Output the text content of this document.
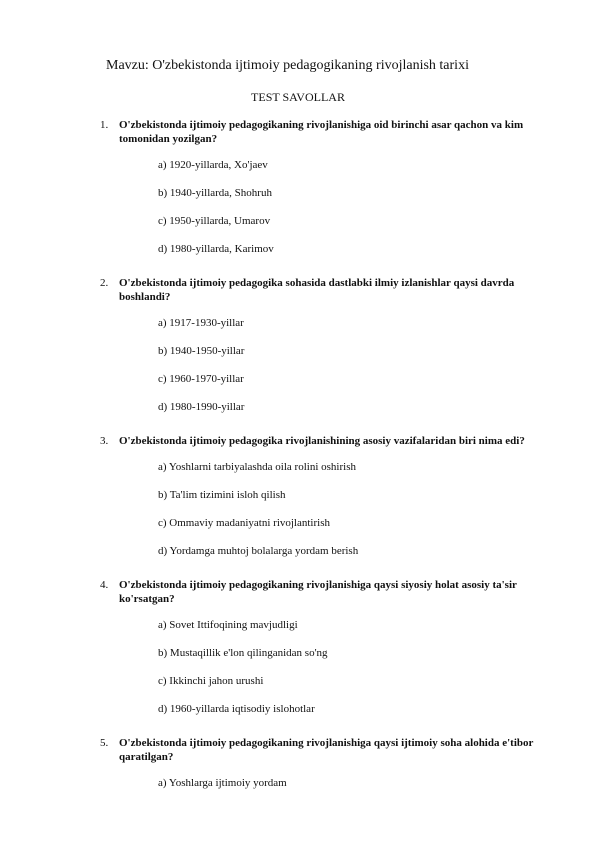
Mavzu: O'zbekistonda ijtimoiy pedagogikaning rivojlanish tarixi
TEST SAVOLLAR
1. O'zbekistonda ijtimoiy pedagogikaning rivojlanishiga oid birinchi asar qachon va kim tomonidan yozilgan?
a) 1920-yillarda, Xo'jaev
b) 1940-yillarda, Shohruh
c) 1950-yillarda, Umarov
d) 1980-yillarda, Karimov
2. O'zbekistonda ijtimoiy pedagogika sohasida dastlabki ilmiy izlanishlar qaysi davrda boshlandi?
a) 1917-1930-yillar
b) 1940-1950-yillar
c) 1960-1970-yillar
d) 1980-1990-yillar
3. O'zbekistonda ijtimoiy pedagogika rivojlanishining asosiy vazifalaridan biri nima edi?
a) Yoshlarni tarbiyalashda oila rolini oshirish
b) Ta'lim tizimini isloh qilish
c) Ommaviy madaniyatni rivojlantirish
d) Yordamga muhtoj bolalarga yordam berish
4. O'zbekistonda ijtimoiy pedagogikaning rivojlanishiga qaysi siyosiy holat asosiy ta'sir ko'rsatgan?
a) Sovet Ittifoqining mavjudligi
b) Mustaqillik e'lon qilinganidan so'ng
c) Ikkinchi jahon urushi
d) 1960-yillarda iqtisodiy islohotlar
5. O'zbekistonda ijtimoiy pedagogikaning rivojlanishiga qaysi ijtimoiy soha alohida e'tibor qaratilgan?
a) Yoshlarga ijtimoiy yordam
